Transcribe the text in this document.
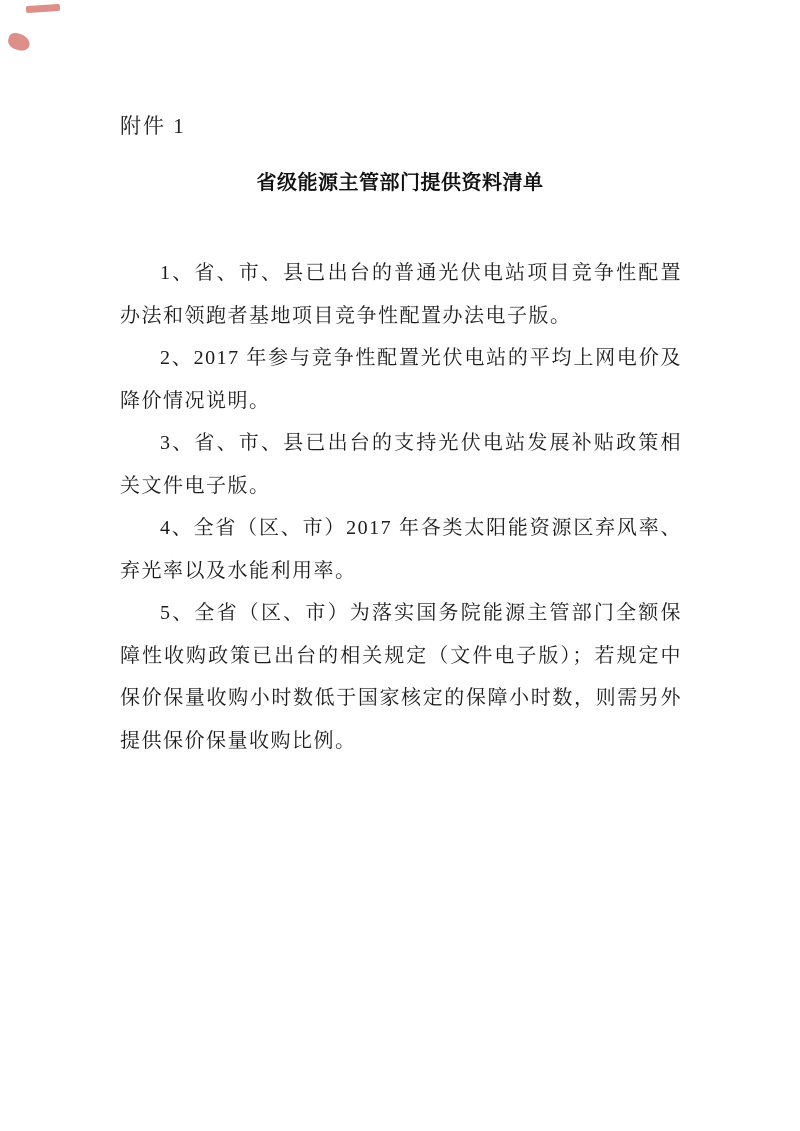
附件 1
省级能源主管部门提供资料清单

1、省、市、县已出台的普通光伏电站项目竞争性配置办法和领跑者基地项目竞争性配置办法电子版。

2、2017 年参与竞争性配置光伏电站的平均上网电价及降价情况说明。

3、省、市、县已出台的支持光伏电站发展补贴政策相关文件电子版。

4、全省（区、市）2017 年各类太阳能资源区弃风率、弃光率以及水能利用率。

5、全省（区、市）为落实国务院能源主管部门全额保障性收购政策已出台的相关规定（文件电子版）；若规定中保价保量收购小时数低于国家核定的保障小时数，则需另外提供保价保量收购比例。
